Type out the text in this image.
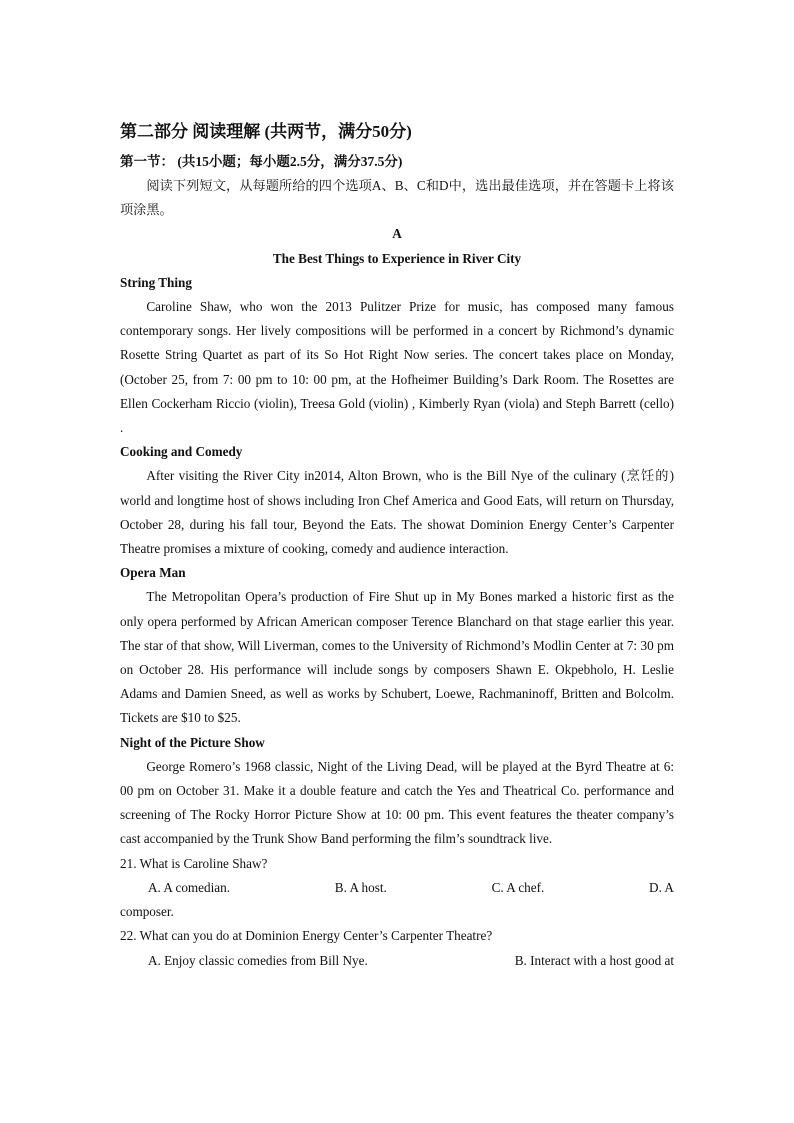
第二部分 阅读理解 (共两节，满分50分)

第一节： (共15小题；每小题2.5分，满分37.5分)

阅读下列短文，从每题所给的四个选项A、B、C和D中，选出最佳选项，并在答题卡上将该项涂黑。

A

The Best Things to Experience in River City

String Thing

Caroline Shaw, who won the 2013 Pulitzer Prize for music, has composed many famous contemporary songs. Her lively compositions will be performed in a concert by Richmond’s dynamic Rosette String Quartet as part of its So Hot Right Now series. The concert takes place on Monday, (October 25, from 7: 00 pm to 10: 00 pm, at the Hofheimer Building’s Dark Room. The Rosettes are Ellen Cockerham Riccio (violin), Treesa Gold (violin) , Kimberly Ryan (viola) and Steph Barrett (cello) .

Cooking and Comedy

After visiting the River City in2014, Alton Brown, who is the Bill Nye of the culinary (烹饪的) world and longtime host of shows including Iron Chef America and Good Eats, will return on Thursday, October 28, during his fall tour, Beyond the Eats. The showat Dominion Energy Center’s Carpenter Theatre promises a mixture of cooking, comedy and audience interaction.

Opera Man

The Metropolitan Opera’s production of Fire Shut up in My Bones marked a historic first as the only opera performed by African American composer Terence Blanchard on that stage earlier this year. The star of that show, Will Liverman, comes to the University of Richmond’s Modlin Center at 7: 30 pm on October 28. His performance will include songs by composers Shawn E. Okpebholo, H. Leslie Adams and Damien Sneed, as well as works by Schubert, Loewe, Rachmaninoff, Britten and Bolcolm. Tickets are $10 to $25.

Night of the Picture Show

George Romero’s 1968 classic, Night of the Living Dead, will be played at the Byrd Theatre at 6: 00 pm on October 31. Make it a double feature and catch the Yes and Theatrical Co. performance and screening of The Rocky Horror Picture Show at 10: 00 pm. This event features the theater company’s cast accompanied by the Trunk Show Band performing the film’s soundtrack live.

21. What is Caroline Shaw?

A. A comedian.	B. A host.	C. A chef.	D. A

composer.

22. What can you do at Dominion Energy Center’s Carpenter Theatre?

A. Enjoy classic comedies from Bill Nye.	B. Interact with a host good at
